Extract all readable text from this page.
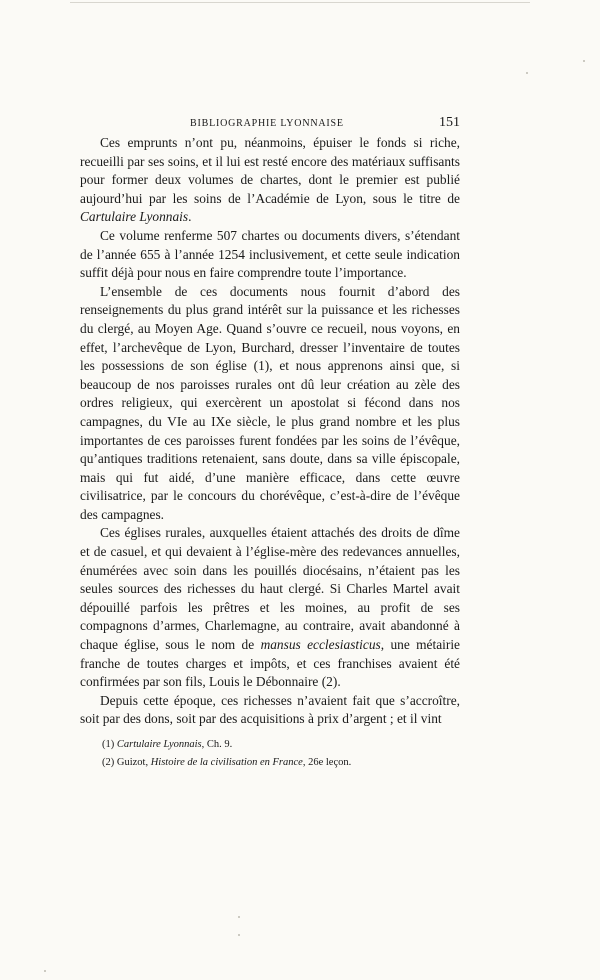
BIBLIOGRAPHIE LYONNAISE	151

Ces emprunts n’ont pu, néanmoins, épuiser le fonds si riche, recueilli par ses soins, et il lui est resté encore des matériaux suffisants pour former deux volumes de chartes, dont le premier est publié aujourd’hui par les soins de l’Académie de Lyon, sous le titre de Cartulaire Lyonnais.

Ce volume renferme 507 chartes ou documents divers, s’étendant de l’année 655 à l’année 1254 inclusivement, et cette seule indication suffit déjà pour nous en faire comprendre toute l’importance.

L’ensemble de ces documents nous fournit d’abord des renseignements du plus grand intérêt sur la puissance et les richesses du clergé, au Moyen Age. Quand s’ouvre ce recueil, nous voyons, en effet, l’archevêque de Lyon, Burchard, dresser l’inventaire de toutes les possessions de son église (1), et nous apprenons ainsi que, si beaucoup de nos paroisses rurales ont dû leur création au zèle des ordres religieux, qui exercèrent un apostolat si fécond dans nos campagnes, du VIe au IXe siècle, le plus grand nombre et les plus importantes de ces paroisses furent fondées par les soins de l’évêque, qu’antiques traditions retenaient, sans doute, dans sa ville épiscopale, mais qui fut aidé, d’une manière efficace, dans cette œuvre civilisatrice, par le concours du chorévêque, c’est-à-dire de l’évêque des campagnes.

Ces églises rurales, auxquelles étaient attachés des droits de dîme et de casuel, et qui devaient à l’église-mère des redevances annuelles, énumérées avec soin dans les pouillés diocésains, n’étaient pas les seules sources des richesses du haut clergé. Si Charles Martel avait dépouillé parfois les prêtres et les moines, au profit de ses compagnons d’armes, Charlemagne, au contraire, avait abandonné à chaque église, sous le nom de mansus ecclesiasticus, une métairie franche de toutes charges et impôts, et ces franchises avaient été confirmées par son fils, Louis le Débonnaire (2).

Depuis cette époque, ces richesses n’avaient fait que s’accroître, soit par des dons, soit par des acquisitions à prix d’argent ; et il vint

(1) Cartulaire Lyonnais, Ch. 9.

(2) Guizot, Histoire de la civilisation en France, 26e leçon.
